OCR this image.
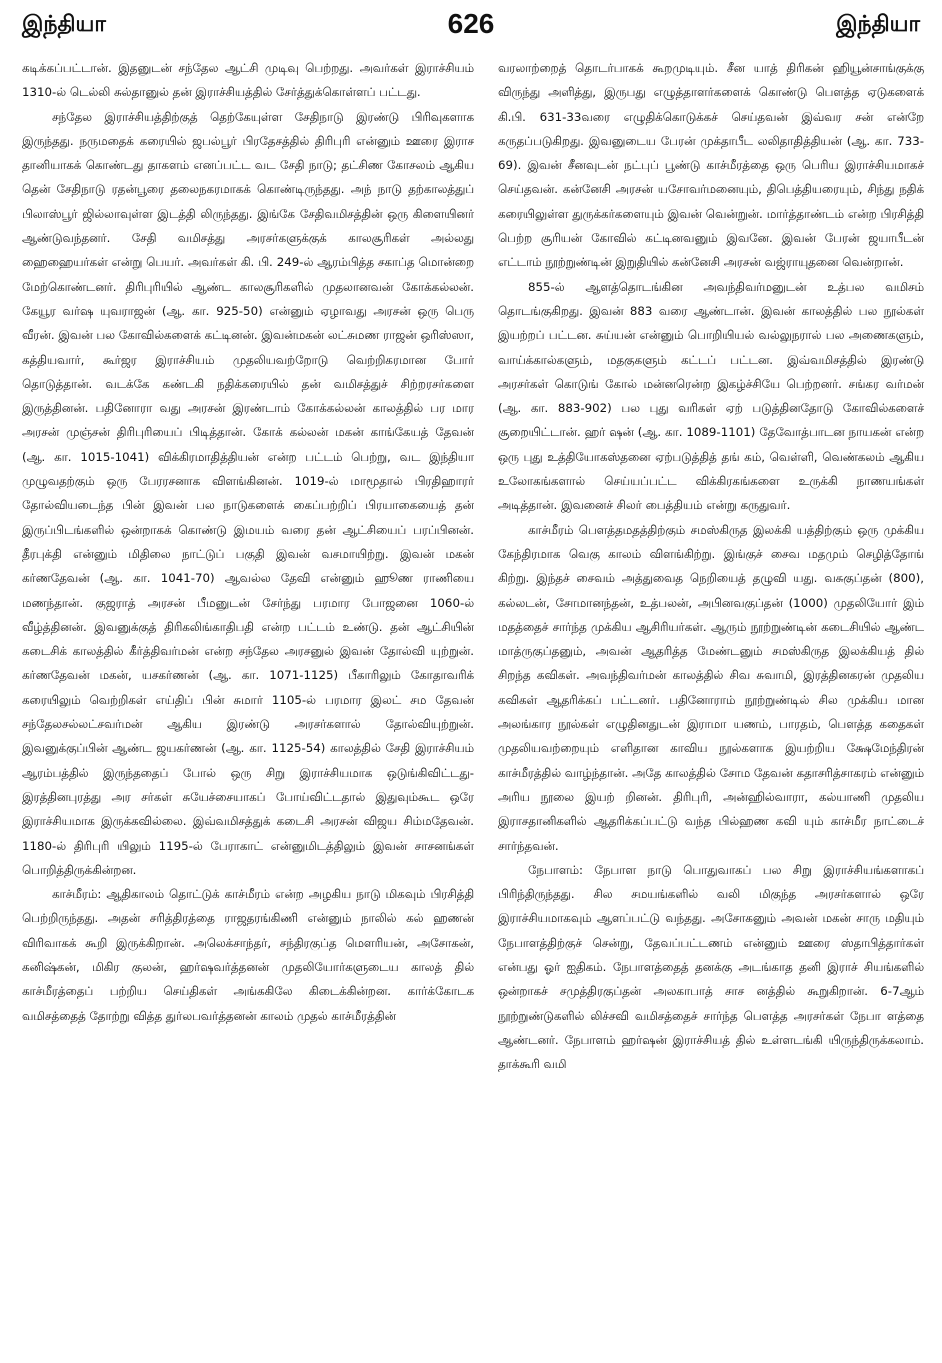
இந்தியா	626	இந்தியா

கடிக்கப்பட்டான். இதனுடன் சந்தேல ஆட்சி முடிவு பெற்றது. அவர்கள் இராச்சியம் 1310-ல் டெல்லி சுல்தானுல் தன் இராச்சியத்தில் சேர்த்துக்கொள்ளப் பட்டது.

சந்தேல இராச்சியத்திற்குத் தெற்கேயுள்ள சேதிநாடு இரண்டு பிரிவுகளாக இருந்தது. நருமதைக் கரையில் ஜபல்பூர் பிரதேசத்தில் திரிபுரி என்னும் ஊரை இராச தானியாகக் கொண்டது தாகளம் எனப்பட்ட வட சேதி நாடு; தட்சிண கோசலம் ஆகிய தென் சேதிநாடு ரதன்பூரை தலைநகரமாகக் கொண்டிருந்தது. அந் நாடு தற்காலத்துப் பிலாஸ்பூர் ஜில்லாவுள்ள இடத்தி லிருந்தது. இங்கே சேதிவமிசத்தின் ஒரு கிளையினர் ஆண்டுவந்தனர். சேதி வமிசத்து அரசர்களுக்குக் காலசூரிகள் அல்லது ஹைஹையர்கள் என்று பெயர். அவர்கள் கி. பி. 249-ல் ஆரம்பித்த சகாப்த மொன்றை மேற்கொண்டனர். திரிபுரியில் ஆண்ட காலசூரிகளில் முதலானவன் கோக்கல்லன். கேயூர வர்ஷ யுவராஜன் (ஆ. கா. 925-50) என்னும் ஏழாவது அரசன் ஒரு பெரு வீரன். இவன் பல கோவில்களைக் கட்டினன். இவன்மகன் லட்சுமண ராஜன் ஒரிஸ்ஸா, கத்தியவார், கூர்ஜர இராச்சியம் முதலியவற்றோடு வெற்றிகரமான போர் தொடுத்தான். வடக்கே கண்டகி நதிக்கரையில் தன் வமிசத்துச் சிற்றரசர்களை இருத்தினன். பதினோரா வது அரசன் இரண்டாம் கோக்கல்லன் காலத்தில் பர மார அரசன் முஞ்சன் திரிபுரியைப் பிடித்தான். கோக் கல்லன் மகன் காங்கேயத் தேவன் (ஆ. கா. 1015-1041) விக்கிரமாதித்தியன் என்ற பட்டம் பெற்று, வட இந்தியா முழுவதற்கும் ஒரு பேரரசனாக விளங்கினன். 1019-ல் மாமூதால் பிரதிஹாரர் தோல்வியடைந்த பின் இவன் பல நாடுகளைக் கைப்பற்றிப் பிரயாகையைத் தன் இருப்பிடங்களில் ஒன்றாகக் கொண்டு இமயம் வரை தன் ஆட்சியைப் பரப்பினன். தீரபுக்தி என்னும் மிதிலை நாட்டுப் பகுதி இவன் வசமாயிற்று. இவன் மகன் கர்ணதேவன் (ஆ. கா. 1041-70) ஆவல்ல தேவி என்னும் ஹூண ராணியை மணந்தான். குஜராத் அரசன் பீமனுடன் சேர்ந்து பரமார போஜனை 1060-ல் வீழ்த்தினன். இவனுக்குத் திரிகலிங்காதிபதி என்ற பட்டம் உண்டு. தன் ஆட்சியின் கடைசிக் காலத்தில் கீர்த்திவர்மன் என்ற சந்தேல அரசனுல் இவன் தோல்வி யுற்றுன். கர்ணதேவன் மகன், யசகர்ணன் (ஆ. கா. 1071-1125) பீகாரிலும் கோதாவரிக் கரையிலும் வெற்றிகள் எய்திப் பின் சுமார் 1105-ல் பரமார இலட் சம தேவன் சந்தேலசல்லட்சவர்மன் ஆகிய இரண்டு அரசர்களால் தோல்வியுற்றுன். இவனுக்குப்பின் ஆண்ட ஜயகர்ணன் (ஆ. கா. 1125-54) காலத்தில் சேதி இராச்சியம் ஆரம்பத்தில் இருந்ததைப் போல் ஒரு சிறு இராச்சியமாக ஒடுங்கிவிட்டது- இரத்தினபுரத்து அர சர்கள் சுயேச்சையாகப் போய்விட்டதால் இதுவும்கூட ஒரே இராச்சியமாக இருக்கவில்லை. இவ்வமிசத்துக் கடைசி அரசன் விஜய சிம்மதேவன். 1180-ல் திரிபுரி யிலும் 1195-ல் பேராகாட் என்னுமிடத்திலும் இவன் சாசனங்கள் பொறித்திருக்கின்றன.

காச்மீரம்: ஆதிகாலம் தொட்டுக் காச்மீரம் என்ற அழகிய நாடு மிகவும் பிரசித்தி பெற்றிருந்தது. அதன் சரித்திரத்தை ராஜதரங்கிணி என்னும் நாலில் கல் ஹணன் விரிவாகக் கூறி இருக்கிறான். அலெக்சாந்தர், சந்திரகுப்த மௌரியன், அசோகன், கனிஷ்கன், மிகிர குலன், ஹர்ஷவர்த்தனன் முதலியோர்களுடைய காலத் தில் காச்மீரத்தைப் பற்றிய செய்திகள் அங்ககிலே கிடைக்கின்றன. கார்க்கோடக வமிசத்தைத் தோற்று வித்த துர்லபவர்த்தனன் காலம் முதல் காச்மீரத்தின்

வரலாற்றைத் தொடர்பாகக் கூறமுடியும். சீன யாத் திரிகன் ஹியூன்சாங்குக்கு விருந்து அளித்து, இருபது எழுத்தாளர்களைக் கொண்டு பௌத்த ஏடுகளைக் கி.பி. 631-33வரை எழுதிக்கொடுக்கச் செய்தவன் இவ்வர சன் என்றே கருதப்படுகிறது. இவனுடைய பேரன் முக்தாபீட லலிதாதித்தியன் (ஆ. கா. 733-69). இவன் சீனவுடன் நட்புப் பூண்டு காச்மீரத்தை ஒரு பெரிய இராச்சியமாகச் செய்தவன். கன்னேசி அரசன் யசோவர்மனையும், திபெத்தியரையும், சிந்து நதிக் கரையிலுள்ள துருக்கர்களையும் இவன் வென்றுன். மார்த்தாண்டம் என்ற பிரசித்தி பெற்ற சூரியன் கோவில் கட்டினவனும் இவனே. இவன் பேரன் ஜயாபீடன் எட்டாம் நூற்றுண்டின் இறுதியில் கன்னேசி அரசன் வஜ்ராயுதனை வென்றான்.

855-ல் ஆளத்தொடங்கின அவந்திவர்மனுடன் உத்பல வமிசம் தொடங்குகிறது. இவன் 883 வரை ஆண்டான். இவன் காலத்தில் பல நூல்கள் இயற்றப் பட்டன. சுய்யன் என்னும் பொறியியல் வல்லுநரால் பல அணைகளும், வாய்க்கால்களும், மதகுகளும் கட்டப் பட்டன. இவ்வமிசத்தில் இரண்டு அரசர்கள் கொடுங் கோல் மன்னரென்ற இகழ்ச்சியே பெற்றனர். சங்கர வர்மன் (ஆ. கா. 883-902) பல புது வரிகள் ஏற் படுத்தினதோடு கோவில்களைச் சூறையிட்டான். ஹர் ஷன் (ஆ. கா. 1089-1101) தேவோத்பாடன நாயகன் என்ற ஒரு புது உத்தியோகஸ்தனை ஏற்படுத்தித் தங் கம், வெள்ளி, வெண்கலம் ஆகிய உலோகங்களால் செய்யப்பட்ட விக்கிரகங்களை உருக்கி நாணயங்கள் அடித்தான். இவனைச் சிலர் பைத்தியம் என்று கருதுவர்.

காச்மீரம் பௌத்தமதத்திற்கும் சமஸ்கிருத இலக்கி யத்திற்கும் ஒரு முக்கிய கேந்திரமாக வெகு காலம் விளங்கிற்று. இங்குச் சைவ மதமும் செழித்தோங் கிற்று. இந்தச் சைவம் அத்துவைத நெறியைத் தழுவி யது. வசுகுப்தன் (800), கல்லடன், சோமானந்தன், உத்பலன், அபினவகுப்தன் (1000) முதலியோர் இம் மதத்தைச் சார்ந்த முக்கிய ஆசிரியர்கள். ஆரும் நூற்றுண்டின் கடைசியில் ஆண்ட மாத்ருகுப்தனும், அவன் ஆதரித்த மேண்டனும் சமஸ்கிருத இலக்கியத் தில் சிறந்த கவிகள். அவந்திவர்மன் காலத்தில் சிவ சுவாமி, இரத்தினகரன் முதலிய கவிகள் ஆதரிக்கப் பட்டனர். பதினோராம் நூற்றுண்டில் சில முக்கிய மான அலங்கார நூல்கள் எழுதினதுடன் இராமா யணம், பாரதம், பௌத்த கதைகள் முதலியவற்றையும் எளிதான காவிய நூல்களாக இயற்றிய க்ஷேமேந்திரன் காச்மீரத்தில் வாழ்ந்தான். அதே காலத்தில் சோம தேவன் கதாசரித்சாகரம் என்னும் அரிய நூலை இயற் றினன். திரிபுரி, அன்ஹில்வாரா, கல்யாணி முதலிய இராசதானிகளில் ஆதரிக்கப்பட்டு வந்த பில்ஹண கவி யும் காச்மீர நாட்டைச் சார்ந்தவன்.

நேபாளம்: நேபாள நாடு பொதுவாகப் பல சிறு இராச்சியங்களாகப் பிரிந்திருந்தது. சில சமயங்களில் வலி மிகுந்த அரசர்களால் ஒரே இராச்சியமாகவும் ஆளப்பட்டு வந்தது. அசோகனும் அவன் மகன் சாரு மதியும் நேபாளத்திற்குச் சென்று, தேவப்பட்டணம் என்னும் ஊரை ஸ்தாபித்தார்கள் என்பது ஓர் ஐதிகம். நேபாளத்தைத் தனக்கு அடங்காத தனி இராச் சியங்களில் ஒன்றாகச் சமுத்திரகுப்தன் அலகாபாத் சாச னத்தில் கூறுகிறான். 6-7ஆம் நூற்றுண்டுகளில் லிச்சவி வமிசத்தைச் சார்ந்த பௌத்த அரசர்கள் நேபா ளத்தை ஆண்டனர். நேபாளம் ஹர்ஷன் இராச்சியத் தில் உள்ளடங்கி யிருந்திருக்கலாம். தாக்கூரி வமி
